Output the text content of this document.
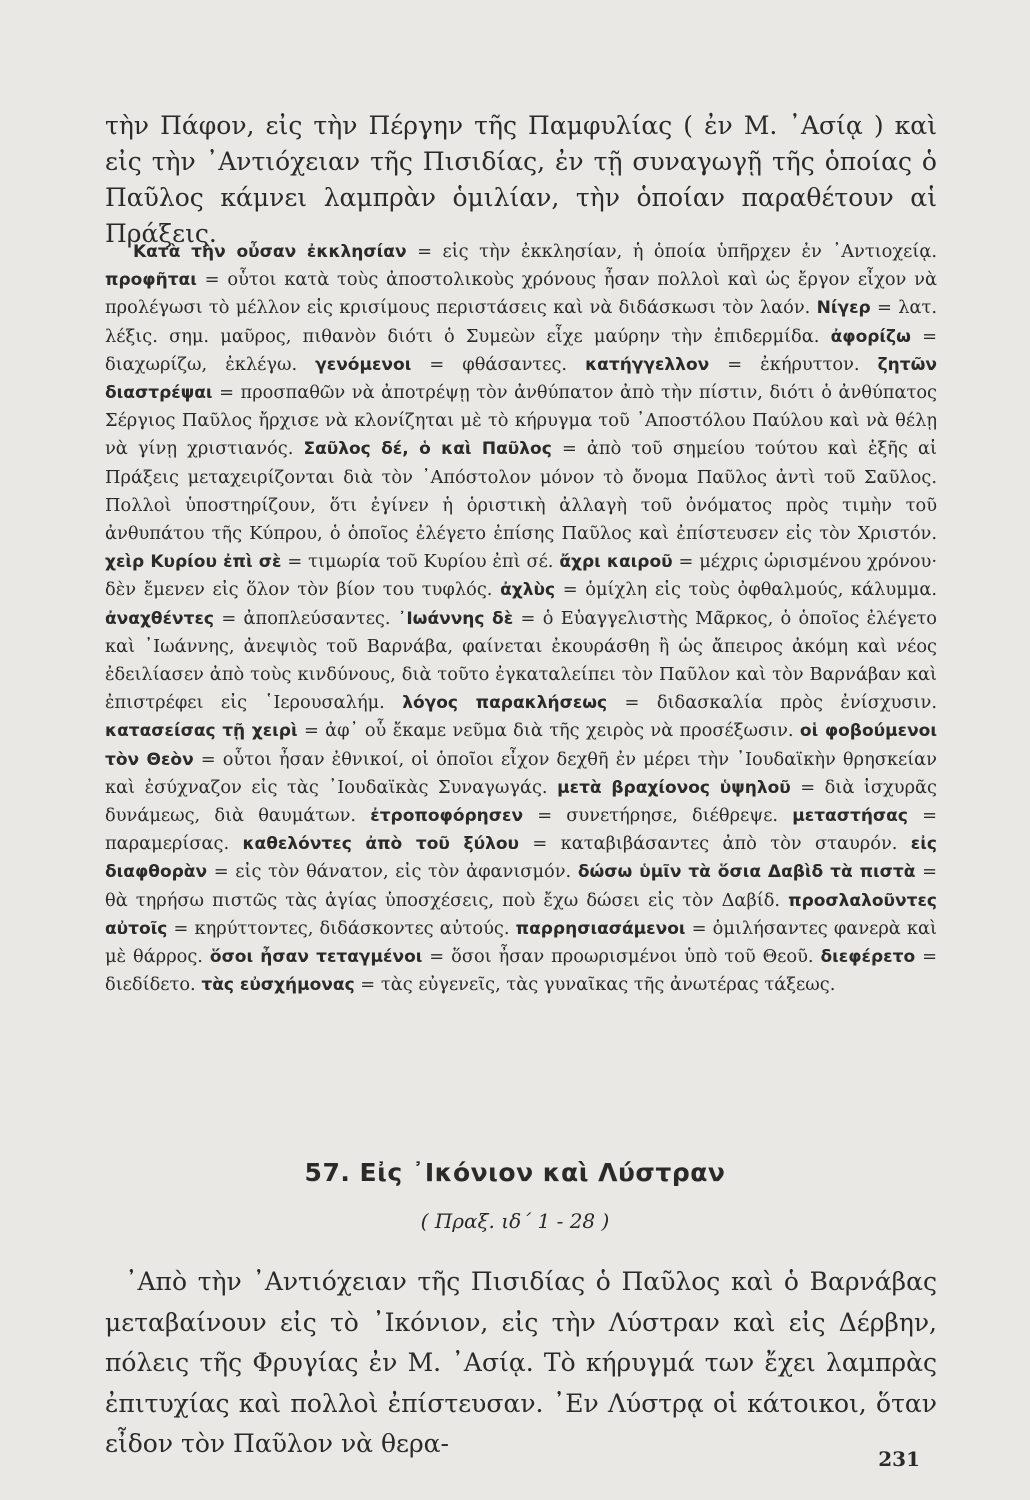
τὴν Πάφον, εἰς τὴν Πέργην τῆς Παμφυλίας ( ἐν Μ. ᾿Ασίᾳ ) καὶ εἰς τὴν ᾿Αντιόχειαν τῆς Πισιδίας, ἐν τῇ συναγωγῇ τῆς ὁποίας ὁ Παῦλος κάμνει λαμπρὰν ὁμιλίαν, τὴν ὁποίαν παραθέτουν αἱ Πράξεις.

Κατὰ τὴν οὖσαν ἐκκλησίαν = εἰς τὴν ἐκκλησίαν, ἡ ὁποία ὑπῆρχεν ἐν ᾿Αντιοχείᾳ. προφῆται = οὗτοι κατὰ τοὺς ἀποστολικοὺς χρόνους ἦσαν πολλοὶ καὶ ὡς ἔργον εἶχον νὰ προλέγωσι τὸ μέλλον εἰς κρισίμους περιστάσεις καὶ νὰ διδάσκωσι τὸν λαόν. Νίγερ = λατ. λέξις. σημ. μαῦρος, πιθανὸν διότι ὁ Συμεὼν εἶχε μαύρην τὴν ἐπιδερμίδα. ἀφορίζω = διαχωρίζω, ἐκλέγω. γενόμενοι = φθάσαντες. κατήγγελλον = ἐκήρυττον. ζητῶν διαστρέψαι = προσπαθῶν νὰ ἀποτρέψῃ τὸν ἀνθύπατον ἀπὸ τὴν πίστιν, διότι ὁ ἀνθύπατος Σέργιος Παῦλος ἤρχισε νὰ κλονίζηται μὲ τὸ κήρυγμα τοῦ ᾿Αποστόλου Παύλου καὶ νὰ θέλῃ νὰ γίνῃ χριστιανός. Σαῦλος δέ, ὁ καὶ Παῦλος = ἀπὸ τοῦ σημείου τούτου καὶ ἑξῆς αἱ Πράξεις μεταχειρίζονται διὰ τὸν ᾿Απόστολον μόνον τὸ ὄνομα Παῦλος ἀντὶ τοῦ Σαῦλος. Πολλοὶ ὑποστηρίζουν, ὅτι ἐγίνεν ἡ ὁριστικὴ ἀλλαγὴ τοῦ ὀνόματος πρὸς τιμὴν τοῦ ἀνθυπάτου τῆς Κύπρου, ὁ ὁποῖος ἐλέγετο ἐπίσης Παῦλος καὶ ἐπίστευσεν εἰς τὸν Χριστόν. χεὶρ Κυρίου ἐπὶ σὲ = τιμωρία τοῦ Κυρίου ἐπὶ σέ. ἄχρι καιροῦ = μέχρις ὡρισμένου χρόνου· δὲν ἔμενεν εἰς ὅλον τὸν βίον του τυφλός. ἀχλὺς = ὁμίχλη εἰς τοὺς ὀφθαλμούς, κάλυμμα. ἀναχθέντες = ἀποπλεύσαντες. ᾿Ιωάννης δὲ = ὁ Εὐαγγελιστὴς Μᾶρκος, ὁ ὁποῖος ἐλέγετο καὶ ᾿Ιωάννης, ἀνεψιὸς τοῦ Βαρνάβα, φαίνεται ἐκουράσθη ἢ ὡς ἄπειρος ἀκόμη καὶ νέος ἐδειλίασεν ἀπὸ τοὺς κινδύνους, διὰ τοῦτο ἐγκαταλείπει τὸν Παῦλον καὶ τὸν Βαρνάβαν καὶ ἐπιστρέφει εἰς ῾Ιερουσαλήμ. λόγος παρακλήσεως = διδασκαλία πρὸς ἐνίσχυσιν. κατασείσας τῇ χειρὶ = ἀφ᾿ οὗ ἔκαμε νεῦμα διὰ τῆς χειρὸς νὰ προσέξωσιν. οἱ φοβούμενοι τὸν Θεὸν = οὗτοι ἦσαν ἐθνικοί, οἱ ὁποῖοι εἶχον δεχθῆ ἐν μέρει τὴν ᾿Ιουδαϊκὴν θρησκείαν καὶ ἐσύχναζον εἰς τὰς ᾿Ιουδαϊκὰς Συναγωγάς. μετὰ βραχίονος ὑψηλοῦ = διὰ ἰσχυρᾶς δυνάμεως, διὰ θαυμάτων. ἐτροποφόρησεν = συνετήρησε, διέθρεψε. μεταστήσας = παραμερίσας. καθελόντες ἀπὸ τοῦ ξύλου = καταβιβάσαντες ἀπὸ τὸν σταυρόν. εἰς διαφθορὰν = εἰς τὸν θάνατον, εἰς τὸν ἀφανισμόν. δώσω ὑμῖν τὰ ὅσια Δαβὶδ τὰ πιστὰ = θὰ τηρήσω πιστῶς τὰς ἁγίας ὑποσχέσεις, ποὺ ἔχω δώσει εἰς τὸν Δαβίδ. προσλαλοῦντες αὐτοῖς = κηρύττοντες, διδάσκοντες αὐτούς. παρρησιασάμενοι = ὁμιλήσαντες φανερὰ καὶ μὲ θάρρος. ὅσοι ἦσαν τεταγμένοι = ὅσοι ἦσαν προωρισμένοι ὑπὸ τοῦ Θεοῦ. διεφέρετο = διεδίδετο. τὰς εὐσχήμονας = τὰς εὐγενεῖς, τὰς γυναῖκας τῆς ἀνωτέρας τάξεως.

57. Εἰς ᾿Ικόνιον καὶ Λύστραν

( Πραξ. ιδ΄ 1 - 28 )

᾿Απὸ τὴν ᾿Αντιόχειαν τῆς Πισιδίας ὁ Παῦλος καὶ ὁ Βαρνάβας μεταβαίνουν εἰς τὸ ᾿Ικόνιον, εἰς τὴν Λύστραν καὶ εἰς Δέρβην, πόλεις τῆς Φρυγίας ἐν Μ. ᾿Ασίᾳ. Τὸ κήρυγμά των ἔχει λαμπρὰς ἐπιτυχίας καὶ πολλοὶ ἐπίστευσαν. ᾿Εν Λύστρᾳ οἱ κάτοικοι, ὅταν εἶδον τὸν Παῦλον νὰ θερα-

231
